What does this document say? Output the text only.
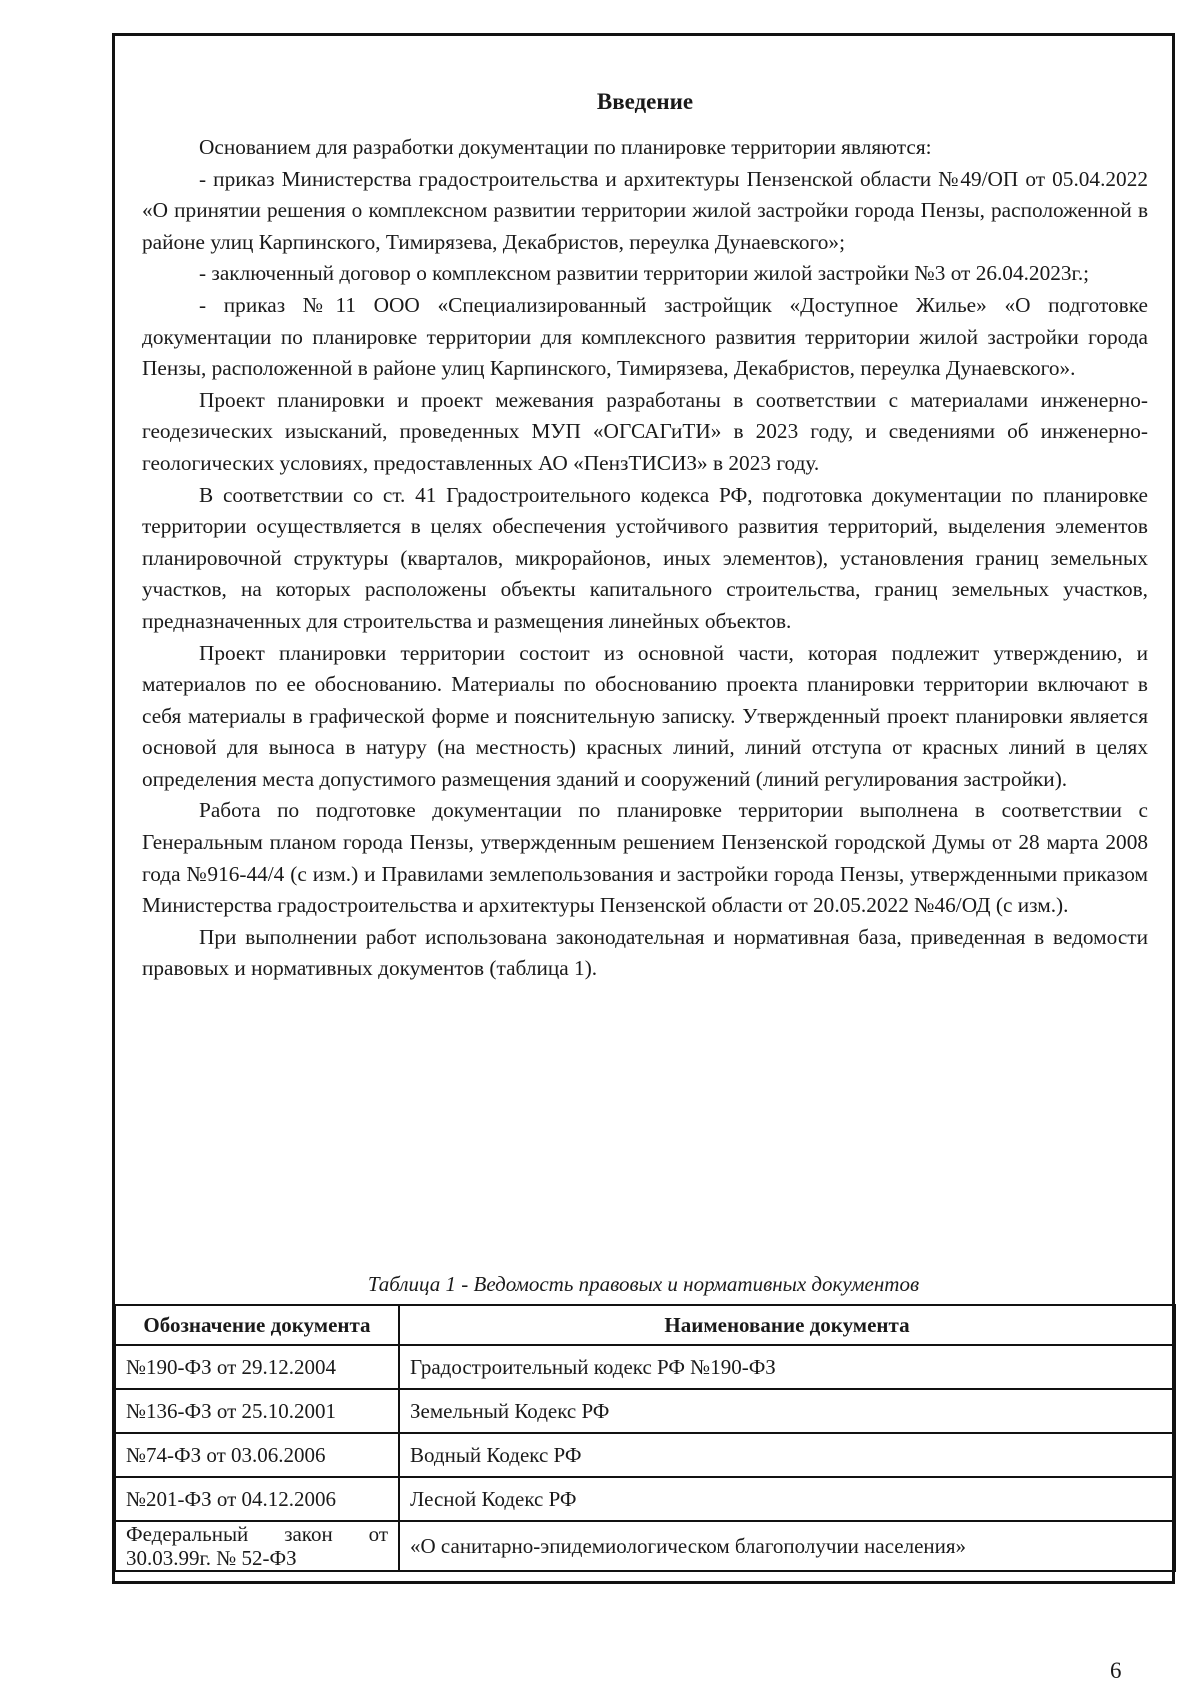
Введение

Основанием для разработки документации по планировке территории являются:

- приказ Министерства градостроительства и архитектуры Пензенской области №49/ОП от 05.04.2022 «О принятии решения о комплексном развитии территории жилой застройки города Пензы, расположенной в районе улиц Карпинского, Тимирязева, Декабристов, переулка Дунаевского»;

- заключенный договор о комплексном развитии территории жилой застройки №3 от 26.04.2023г.;

- приказ №11 ООО «Специализированный застройщик «Доступное Жилье» «О подготовке документации по планировке территории для комплексного развития территории жилой застройки города Пензы, расположенной в районе улиц Карпинского, Тимирязева, Декабристов, переулка Дунаевского».

Проект планировки и проект межевания разработаны в соответствии с материалами инженерно-геодезических изысканий, проведенных МУП «ОГСАГиТИ» в 2023 году, и сведениями об инженерно-геологических условиях, предоставленных АО «ПензТИСИЗ» в 2023 году.

В соответствии со ст. 41 Градостроительного кодекса РФ, подготовка документации по планировке территории осуществляется в целях обеспечения устойчивого развития территорий, выделения элементов планировочной структуры (кварталов, микрорайонов, иных элементов), установления границ земельных участков, на которых расположены объекты капитального строительства, границ земельных участков, предназначенных для строительства и размещения линейных объектов.

Проект планировки территории состоит из основной части, которая подлежит утверждению, и материалов по ее обоснованию. Материалы по обоснованию проекта планировки территории включают в себя материалы в графической форме и пояснительную записку. Утвержденный проект планировки является основой для выноса в натуру (на местность) красных линий, линий отступа от красных линий в целях определения места допустимого размещения зданий и сооружений (линий регулирования застройки).

Работа по подготовке документации по планировке территории выполнена в соответствии с Генеральным планом города Пензы, утвержденным решением Пензенской городской Думы от 28 марта 2008 года №916-44/4 (с изм.) и Правилами землепользования и застройки города Пензы, утвержденными приказом Министерства градостроительства и архитектуры Пензенской области от 20.05.2022 №46/ОД (с изм.).

При выполнении работ использована законодательная и нормативная база, приведенная в ведомости правовых и нормативных документов (таблица 1).

Таблица 1 - Ведомость правовых и нормативных документов
Обозначение документа	Наименование документа
№190-ФЗ от 29.12.2004	Градостроительный кодекс РФ №190-ФЗ
№136-ФЗ от 25.10.2001	Земельный Кодекс РФ
№74-ФЗ от 03.06.2006	Водный Кодекс РФ
№201-ФЗ от 04.12.2006	Лесной Кодекс РФ
Федеральный закон от 30.03.99г. № 52-ФЗ	«О санитарно-эпидемиологическом благополучии населения»
6
